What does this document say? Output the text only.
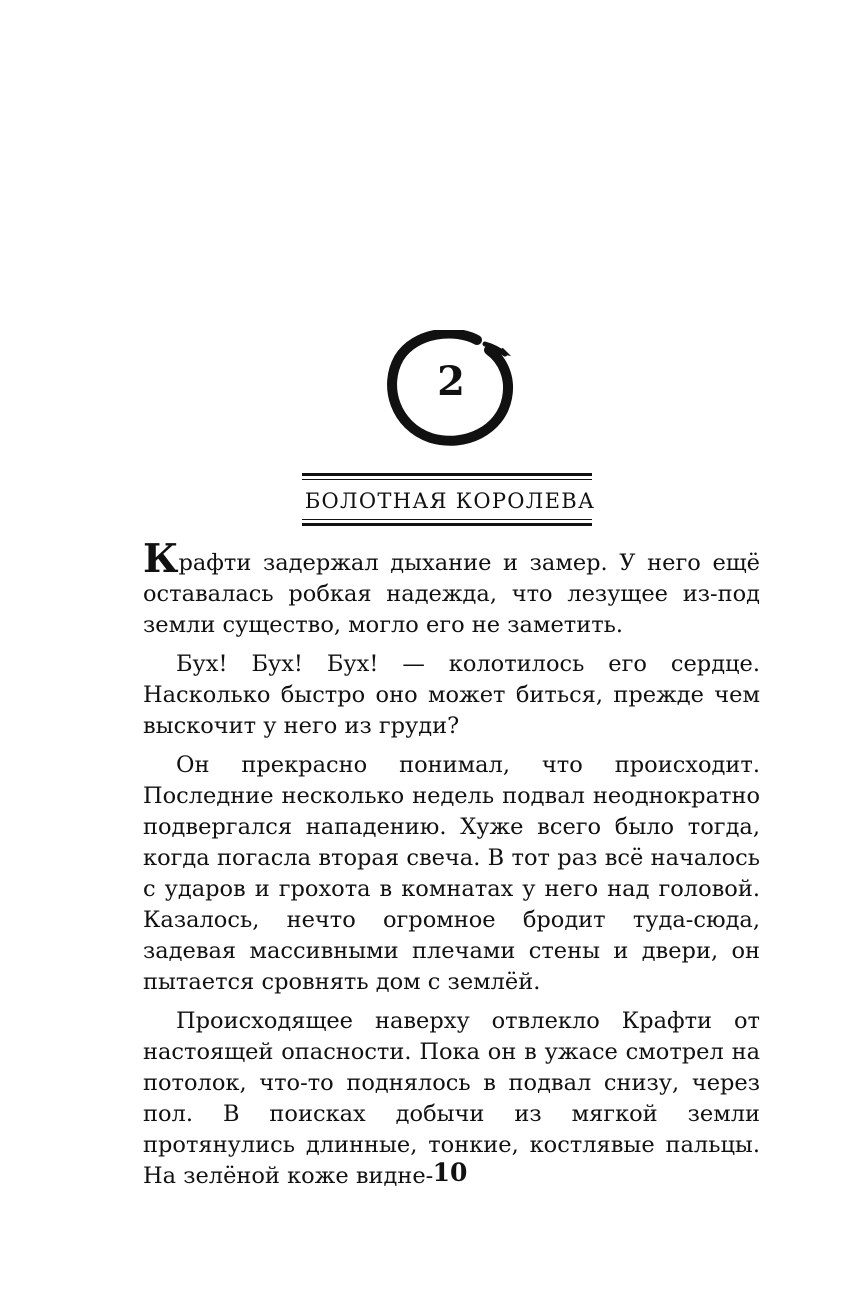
2
БОЛОТНАЯ КОРОЛЕВА

Крафти задержал дыхание и замер. У него ещё оставалась робкая надежда, что лезущее из-под земли существо, могло его не заметить.

Бух! Бух! Бух! — колотилось его сердце. Насколько быстро оно может биться, прежде чем выскочит у него из груди?

Он прекрасно понимал, что происходит. Последние несколько недель подвал неоднократно подвергался нападению. Хуже всего было тогда, когда погасла вторая свеча. В тот раз всё началось с ударов и грохота в комнатах у него над головой. Казалось, нечто огромное бродит туда-сюда, задевая массивными плечами стены и двери, он пытается сровнять дом с землёй.

Происходящее наверху отвлекло Крафти от настоящей опасности. Пока он в ужасе смотрел на потолок, что-то поднялось в подвал снизу, через пол. В поисках добычи из мягкой земли протянулись длинные, тонкие, костлявые пальцы. На зелёной коже видне- 10
